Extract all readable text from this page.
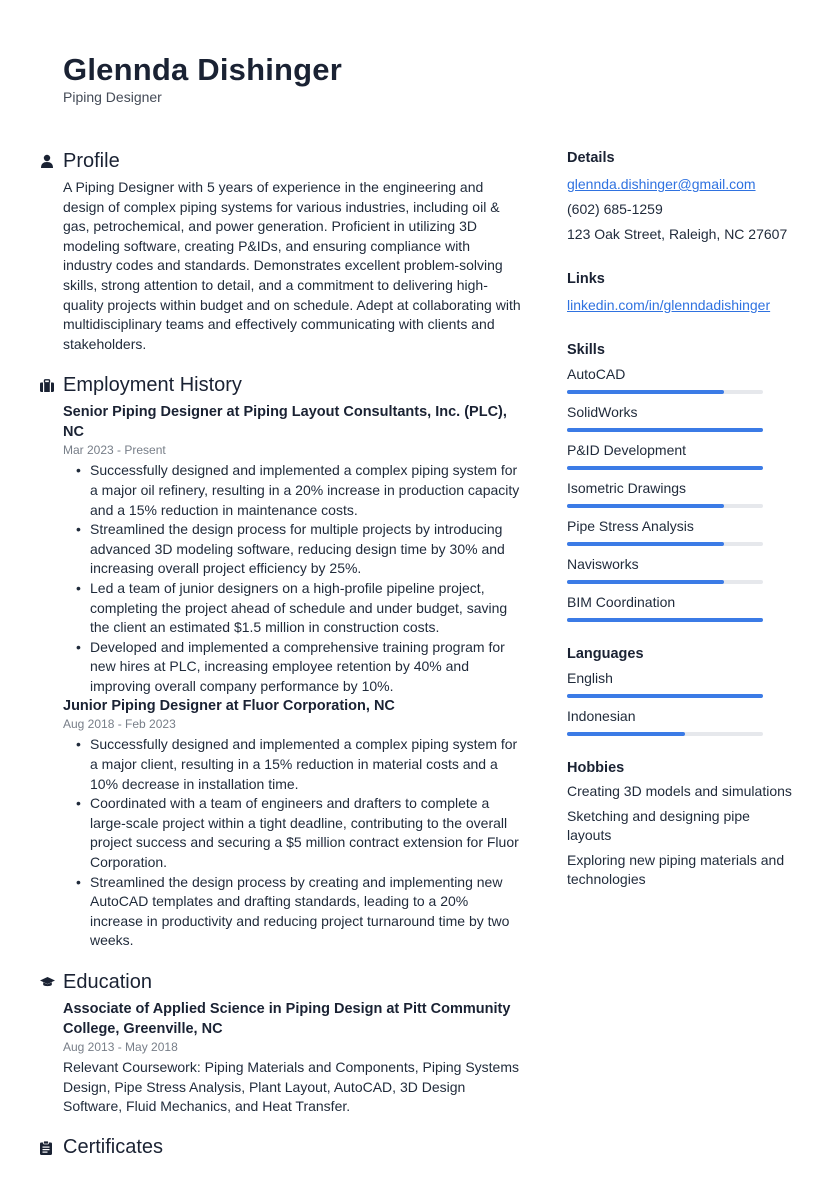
Glennda Dishinger
Piping Designer
Profile
A Piping Designer with 5 years of experience in the engineering and design of complex piping systems for various industries, including oil & gas, petrochemical, and power generation. Proficient in utilizing 3D modeling software, creating P&IDs, and ensuring compliance with industry codes and standards. Demonstrates excellent problem-solving skills, strong attention to detail, and a commitment to delivering high-quality projects within budget and on schedule. Adept at collaborating with multidisciplinary teams and effectively communicating with clients and stakeholders.
Employment History
Senior Piping Designer at Piping Layout Consultants, Inc. (PLC), NC
Mar 2023 - Present
• Successfully designed and implemented a complex piping system for a major oil refinery, resulting in a 20% increase in production capacity and a 15% reduction in maintenance costs.
• Streamlined the design process for multiple projects by introducing advanced 3D modeling software, reducing design time by 30% and increasing overall project efficiency by 25%.
• Led a team of junior designers on a high-profile pipeline project, completing the project ahead of schedule and under budget, saving the client an estimated $1.5 million in construction costs.
• Developed and implemented a comprehensive training program for new hires at PLC, increasing employee retention by 40% and improving overall company performance by 10%.
Junior Piping Designer at Fluor Corporation, NC
Aug 2018 - Feb 2023
• Successfully designed and implemented a complex piping system for a major client, resulting in a 15% reduction in material costs and a 10% decrease in installation time.
• Coordinated with a team of engineers and drafters to complete a large-scale project within a tight deadline, contributing to the overall project success and securing a $5 million contract extension for Fluor Corporation.
• Streamlined the design process by creating and implementing new AutoCAD templates and drafting standards, leading to a 20% increase in productivity and reducing project turnaround time by two weeks.
Education
Associate of Applied Science in Piping Design at Pitt Community College, Greenville, NC
Aug 2013 - May 2018
Relevant Coursework: Piping Materials and Components, Piping Systems Design, Pipe Stress Analysis, Plant Layout, AutoCAD, 3D Design Software, Fluid Mechanics, and Heat Transfer.
Certificates
Details
glennda.dishinger@gmail.com
(602) 685-1259
123 Oak Street, Raleigh, NC 27607
Links
linkedin.com/in/glenndadishinger
Skills
AutoCAD
SolidWorks
P&ID Development
Isometric Drawings
Pipe Stress Analysis
Navisworks
BIM Coordination
Languages
English
Indonesian
Hobbies
Creating 3D models and simulations
Sketching and designing pipe layouts
Exploring new piping materials and technologies
